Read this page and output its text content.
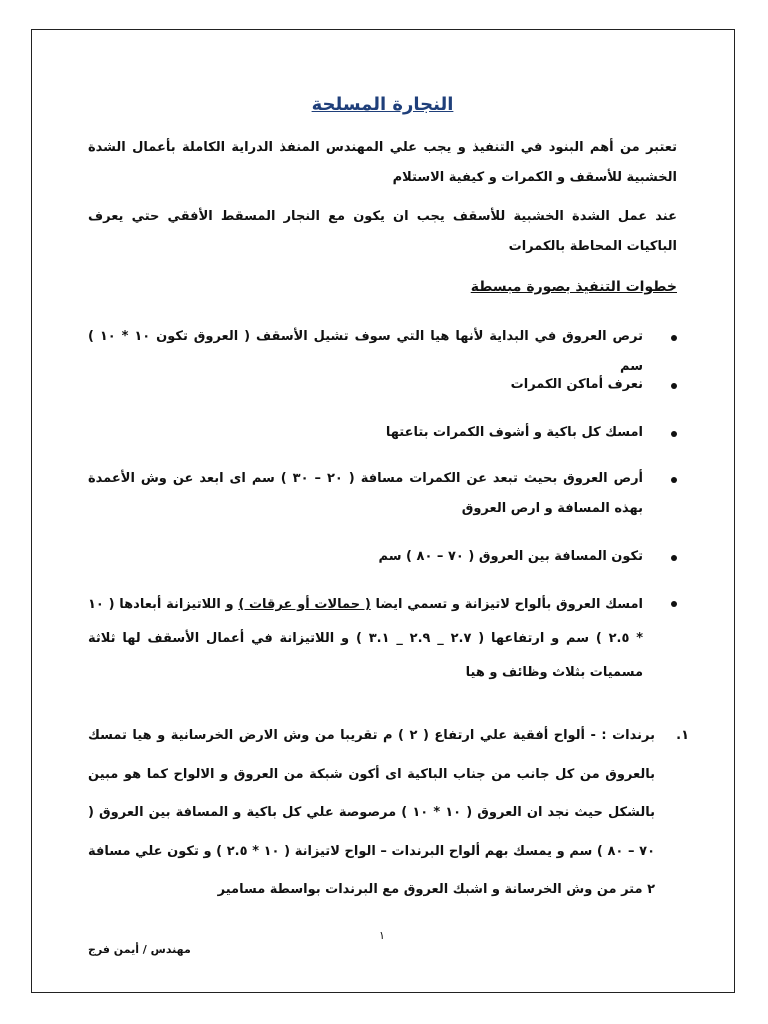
النجارة المسلحة
تعتبر من أهم البنود في التنفيذ و يجب علي المهندس المنفذ الدراية الكاملة بأعمال الشدة الخشبية للأسقف و الكمرات و كيفية الاستلام
عند عمل الشدة الخشبية للأسقف يجب ان يكون مع النجار المسقط الأفقي حتي يعرف الباكيات المحاطة بالكمرات
خطوات التنفيذ بصورة مبسطة
ترص العروق في البداية لأنها هيا التي سوف تشيل الأسقف ( العروق تكون ١٠ * ١٠ ) سم
نعرف أماكن الكمرات
امسك كل باكية و أشوف الكمرات بتاعتها
أرص العروق بحيث تبعد عن الكمرات مسافة ( ٢٠ – ٣٠ ) سم اى ابعد عن وش الأعمدة بهذه المسافة و ارص العروق
تكون المسافة بين العروق ( ٧٠ – ٨٠ ) سم
امسك العروق بألواح لاتيزانة و تسمي ايضا ( حمالات أو عرقات ) و اللاتيزانة أبعادها ( ١٠ * ٢.٥ ) سم و ارتفاعها ( ٢.٧ _ ٢.٩ _ ٣.١ ) و اللاتيزانة في أعمال الأسقف لها ثلاثة مسميات بثلاث وظائف و هيا
١.
برندات : - ألواح أفقية علي ارتفاع ( ٢ ) م تقريبا من وش الارض الخرسانية و هيا تمسك بالعروق من كل جانب من جناب الباكية اى أكون شبكة من العروق و الالواح كما هو مبين بالشكل حيث نجد ان العروق ( ١٠ * ١٠ ) مرصوصة علي كل باكية و المسافة بين العروق ( ٧٠ – ٨٠ ) سم و يمسك بهم ألواح البرندات – الواح لاتيزانة ( ١٠ * ٢.٥ ) و تكون علي مسافة ٢ متر من وش الخرسانة و اشبك العروق مع البرندات بواسطة مسامير
١
مهندس / أيمن فرج
